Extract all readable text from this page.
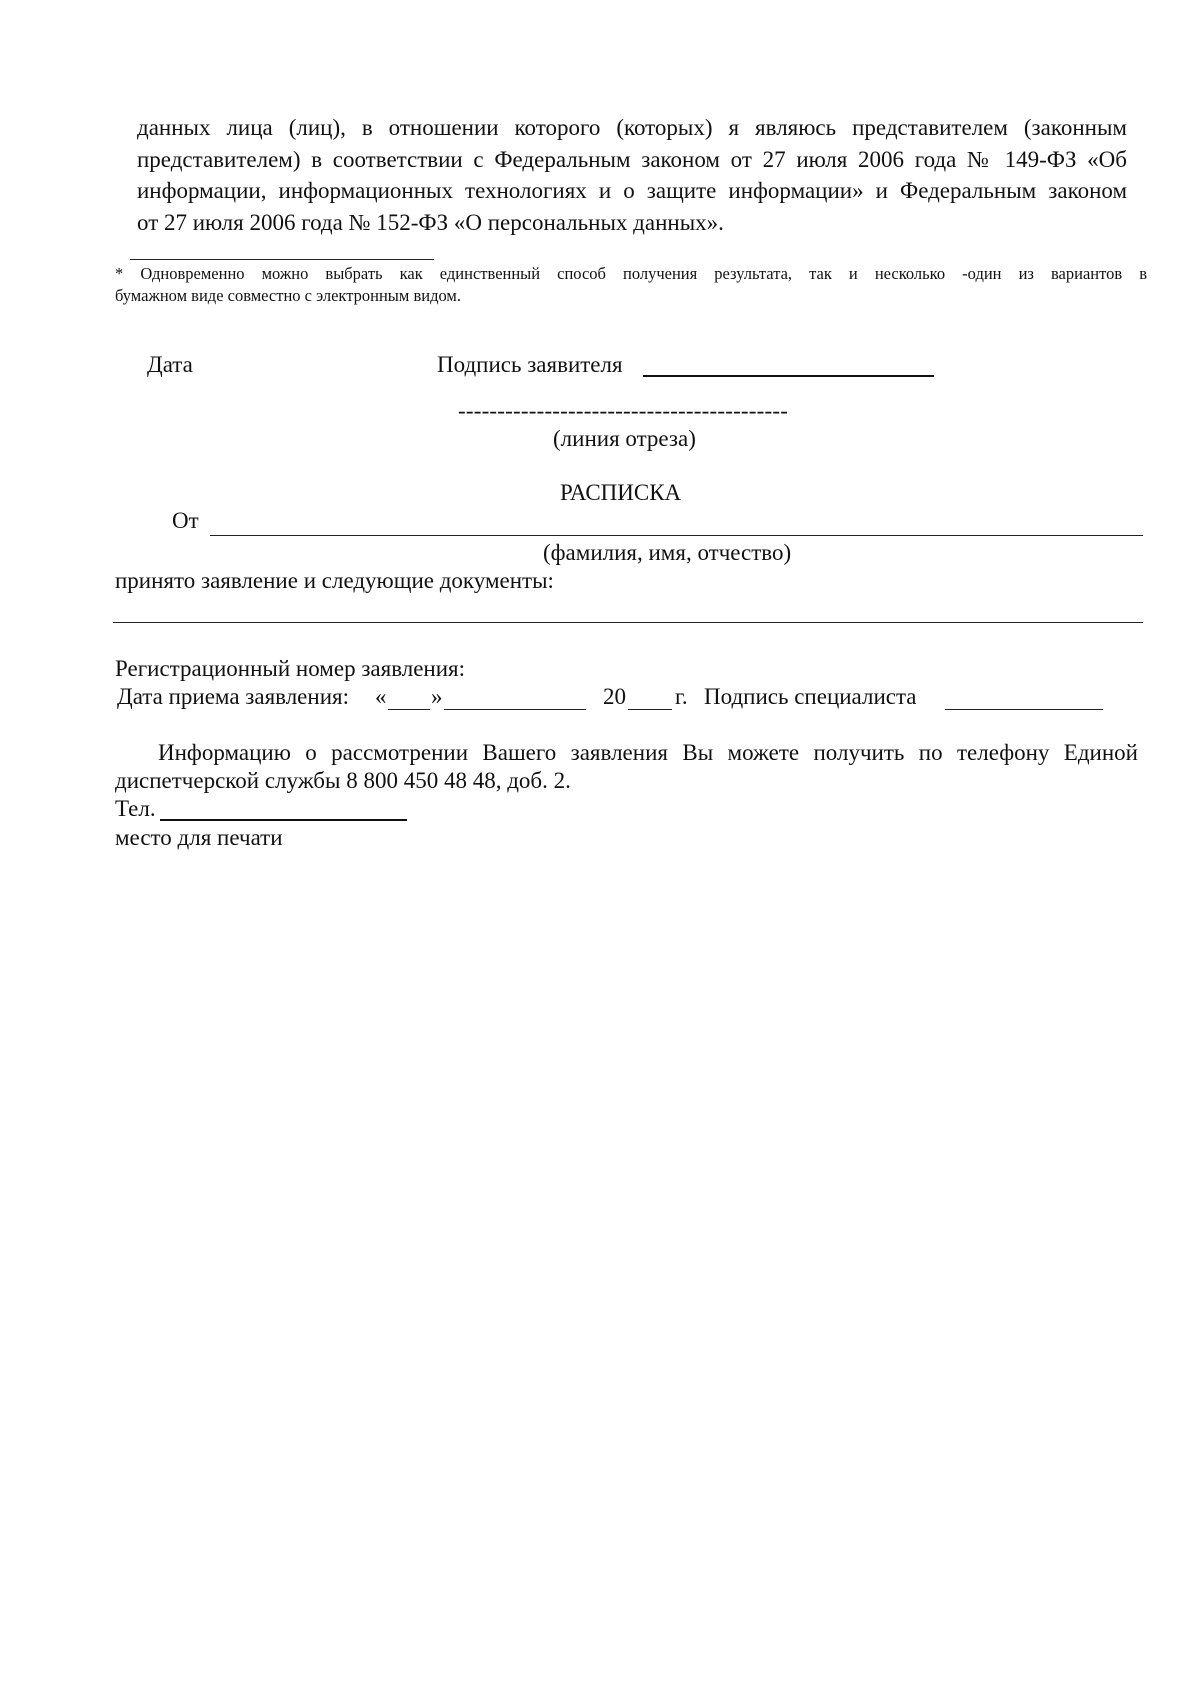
данных лица (лиц), в отношении которого (которых) я являюсь представителем (законным
представителем) в соответствии с Федеральным законом от 27 июля 2006 года № 149-ФЗ «Об
информации, информационных технологиях и о защите информации» и Федеральным законом
от 27 июля 2006 года № 152-ФЗ «О персональных данных».
* Одновременно можно выбрать как единственный способ получения результата, так и несколько -один из вариантов в
бумажном виде совместно с электронным видом.
Дата	Подпись заявителя
------------------------------------------
(линия отреза)
РАСПИСКА
От
(фамилия, имя, отчество)
принято заявление и следующие документы:
Регистрационный номер заявления:
Дата приема заявления: « »	20 г. Подпись специалиста
Информацию о рассмотрении Вашего заявления Вы можете получить по телефону Единой
диспетчерской службы 8 800 450 48 48, доб. 2.
Тел.
место для печати
